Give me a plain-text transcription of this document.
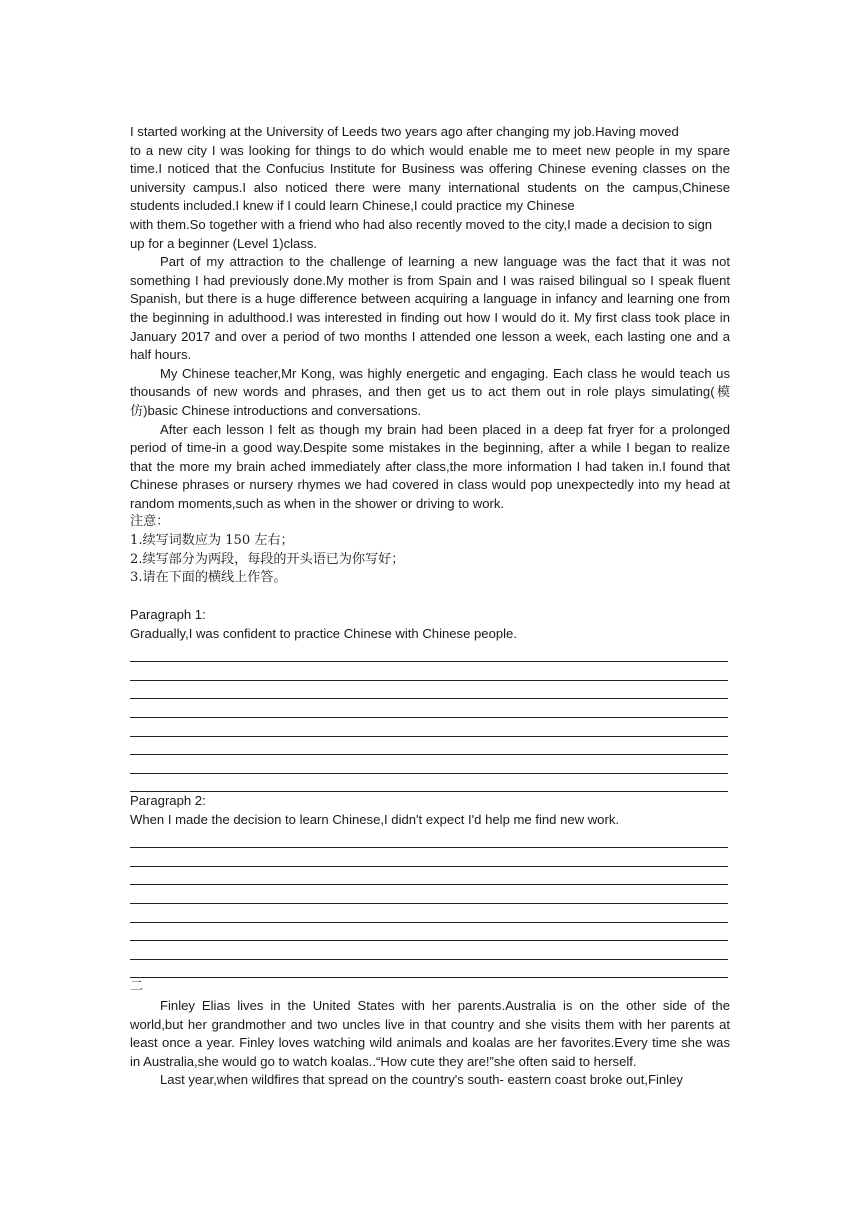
I started working at the University of Leeds two years ago after changing my job.Having moved

to a new city I was looking for things to do which would enable me to meet new people in my spare time.I noticed that the Confucius Institute for Business was offering Chinese evening classes on the university campus.I also noticed there were many international students on the campus,Chinese students included.I knew if I could learn Chinese,I could practice my Chinese

with them.So together with a friend who had also recently moved to the city,I made a decision to sign up for a beginner (Level 1)class.

Part of my attraction to the challenge of learning a new language was the fact that it was not something I had previously done.My mother is from Spain and I was raised bilingual so I speak fluent Spanish, but there is a huge difference between acquiring a language in infancy and learning one from the beginning in adulthood.I was interested in finding out how I would do it. My first class took place in January 2017 and over a period of two months I attended one lesson a week, each lasting one and a half hours.

My Chinese teacher,Mr Kong, was highly energetic and engaging. Each class he would teach us thousands of new words and phrases, and then get us to act them out in role plays simulating(模仿)basic Chinese introductions and conversations.

After each lesson I felt as though my brain had been placed in a deep fat fryer for a prolonged period of time-in a good way.Despite some mistakes in the beginning, after a while I began to realize that the more my brain ached immediately after class,the more information I had taken in.I found that Chinese phrases or nursery rhymes we had covered in class would pop unexpectedly into my head at random moments,such as when in the shower or driving to work.

注意：

1.续写词数应为 150 左右；

2.续写部分为两段，每段的开头语已为你写好；

3.请在下面的横线上作答。

Paragraph 1:

Gradually,I was confident to practice Chinese with Chinese people.

Paragraph 2:

When I made the decision to learn Chinese,I didn't expect I'd help me find new work.

二

Finley Elias lives in the United States with her parents.Australia is on the other side of the world,but her grandmother and two uncles live in that country and she visits them with her parents at least once a year. Finley loves watching wild animals and koalas are her favorites.Every time she was in Australia,she would go to watch koalas..“How cute they are!”she often said to herself.

Last year,when wildfires that spread on the country's south- eastern coast broke out,Finley
